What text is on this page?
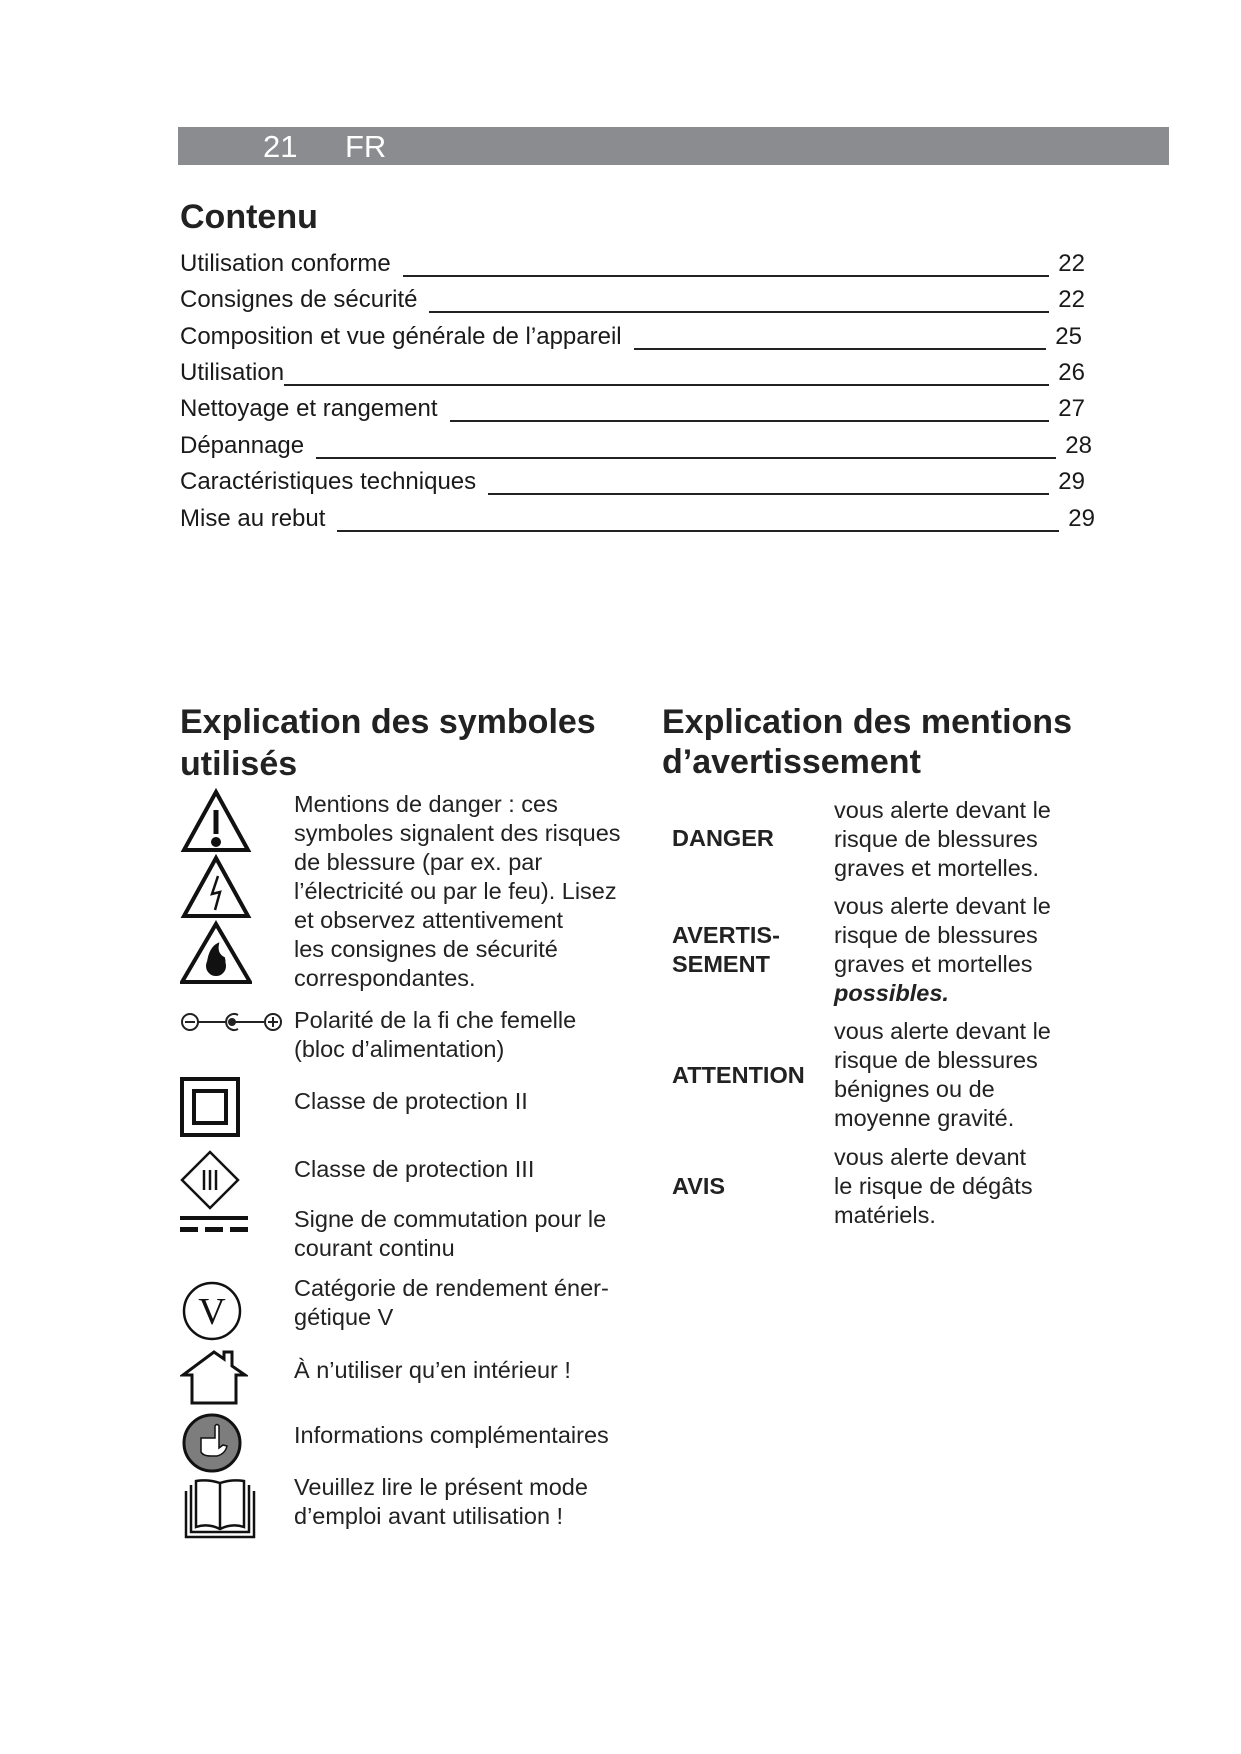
21 FR
Contenu
Utilisation conforme	22
Consignes de sécurité	22
Composition et vue générale de l’appareil	25
Utilisation	26
Nettoyage et rangement	27
Dépannage	28
Caractéristiques techniques	29
Mise au rebut	29
Explication des symboles
utilisés
Explication des mentions
d’avertissement
V
Mentions de danger : ces
symboles signalent des risques
de blessure (par ex. par
l’électricité ou par le feu). Lisez
et observez attentivement
les consignes de sécurité
correspondantes.
Polarité de la fi che femelle
(bloc d’alimentation)
Classe de protection II
Classe de protection III
Signe de commutation pour le
courant continu
Catégorie de rendement éner-
gétique V
À n’utiliser qu’en intérieur !
Informations complémentaires
Veuillez lire le présent mode
d’emploi avant utilisation !
DANGER
vous alerte devant le
risque de blessures
graves et mortelles.
AVERTIS-
SEMENT
vous alerte devant le
risque de blessures
graves et mortelles
possibles.
ATTENTION
vous alerte devant le
risque de blessures
bénignes ou de
moyenne gravité.
AVIS
vous alerte devant
le risque de dégâts
matériels.
